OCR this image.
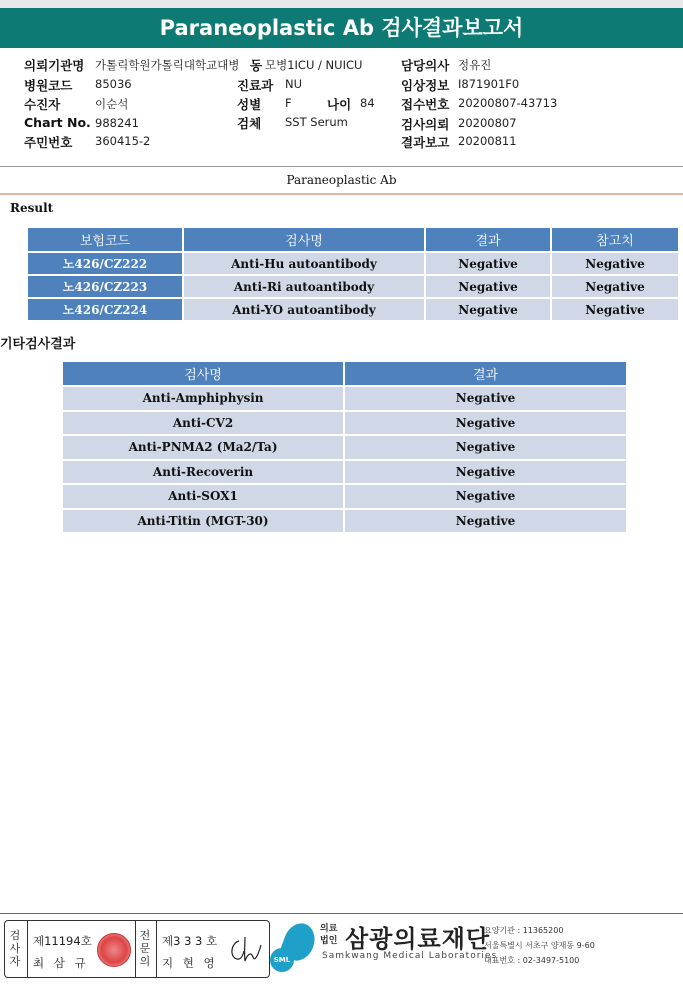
Paraneoplastic Ab 검사결과보고서
의뢰기관명 가톨릭학원가톨릭대학교대병 동 모병1ICU / NUICU	담당의사 정유진
병원코드 85036	진료과 NU	임상정보 I871901F0
수진자	이순석	성별 F	나이 84 접수번호 20200807-43713
Chart No. 988241	검체 SST Serum	검사의뢰 20200807
주민번호 360415-2	결과보고 20200811
Paraneoplastic Ab
Result
보험코드	검사명	결과	참고치
노426/CZ222	Anti-Hu autoantibody	Negative	Negative
노426/CZ223	Anti-Ri autoantibody	Negative	Negative
노426/CZ224	Anti-YO autoantibody	Negative	Negative
기타검사결과
검사명	결과
Anti-Amphiphysin	Negative
Anti-CV2	Negative
Anti-PNMA2 (Ma2/Ta)	Negative
Anti-Recoverin	Negative
Anti-SOX1	Negative
Anti-Titin (MGT-30)	Negative
검
사
자
제11194호
최 삼 규
전
문
의
제3 3 3 호
지 현 영	SML
의료법인 삼광의료재단
Samkwang Medical Laboratories
요양기관 : 11365200
서울특별시 서초구 양재동 9-60
대표번호 : 02-3497-5100
